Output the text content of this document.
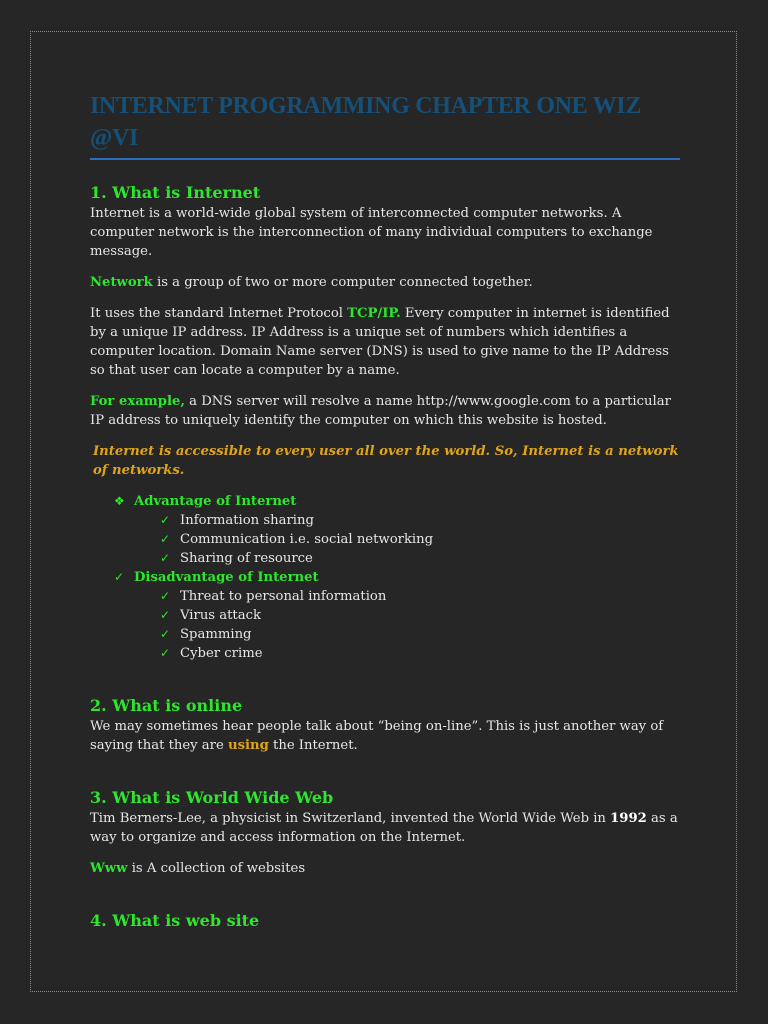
INTERNET PROGRAMMING CHAPTER ONE WIZ @VI
1. What is Internet

Internet is a world-wide global system of interconnected computer networks. A computer network is the interconnection of many individual computers to exchange message.

Network is a group of two or more computer connected together.

It uses the standard Internet Protocol TCP/IP. Every computer in internet is identified by a unique IP address. IP Address is a unique set of numbers which identifies a computer location. Domain Name server (DNS) is used to give name to the IP Address so that user can locate a computer by a name.

For example, a DNS server will resolve a name http://www.google.com to a particular IP address to uniquely identify the computer on which this website is hosted.

Internet is accessible to every user all over the world. So, Internet is a network of networks.

❖ Advantage of Internet
✓ Information sharing
✓ Communication i.e. social networking
✓ Sharing of resource
✓ Disadvantage of Internet
✓ Threat to personal information
✓ Virus attack
✓ Spamming
✓ Cyber crime
2. What is online

We may sometimes hear people talk about “being on-line”. This is just another way of saying that they are using the Internet.

3. What is World Wide Web

Tim Berners-Lee, a physicist in Switzerland, invented the World Wide Web in 1992 as a way to organize and access information on the Internet.

Www is A collection of websites

4. What is web site
